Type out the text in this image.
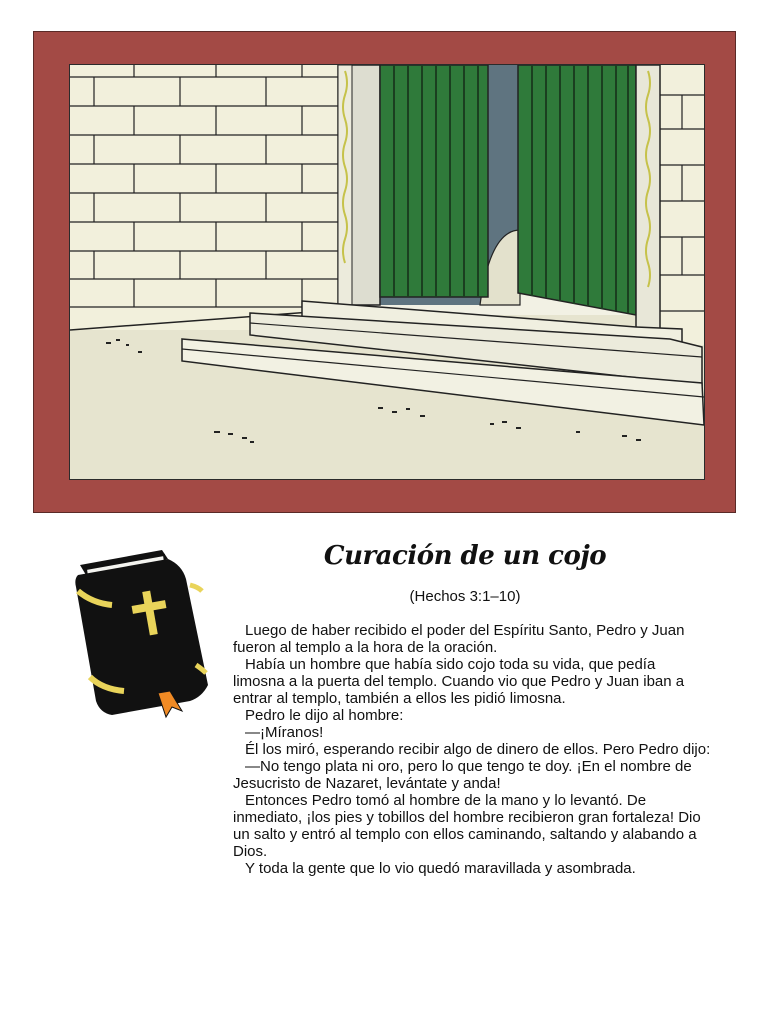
Curación de un cojo
(Hechos 3:1–10)

Luego de haber recibido el poder del Espíritu Santo, Pedro y Juan fueron al templo a la hora de la oración.

Había un hombre que había sido cojo toda su vida, que pedía limosna a la puerta del templo. Cuando vio que Pedro y Juan iban a entrar al templo, también a ellos les pidió limosna.

Pedro le dijo al hombre:

—¡Míranos!

Él los miró, esperando recibir algo de dinero de ellos. Pero Pedro dijo:

—No tengo plata ni oro, pero lo que tengo te doy. ¡En el nombre de Jesucristo de Nazaret, levántate y anda!

Entonces Pedro tomó al hombre de la mano y lo levantó. De inmediato, ¡los pies y tobillos del hombre recibieron gran fortaleza! Dio un salto y entró al templo con ellos caminando, saltando y alabando a Dios.

Y toda la gente que lo vio quedó maravillada y asombrada.
